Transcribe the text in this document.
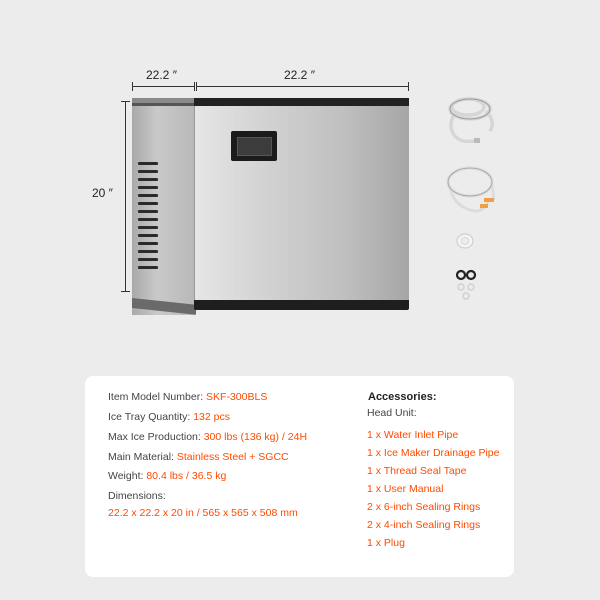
22.2 ″	22.2 ″
20 ″
Item Model Number: SKF-300BLS
Ice Tray Quantity: 132 pcs
Max Ice Production: 300 lbs (136 kg) / 24H
Main Material: Stainless Steel + SGCC
Weight: 80.4 lbs / 36.5 kg
Dimensions:
22.2 x 22.2 x 20 in / 565 x 565 x 508 mm
Accessories:
Head Unit:
1 x Water Inlet Pipe
1 x Ice Maker Drainage Pipe
1 x Thread Seal Tape
1 x User Manual
2 x 6-inch Sealing Rings
2 x 4-inch Sealing Rings
1 x Plug
